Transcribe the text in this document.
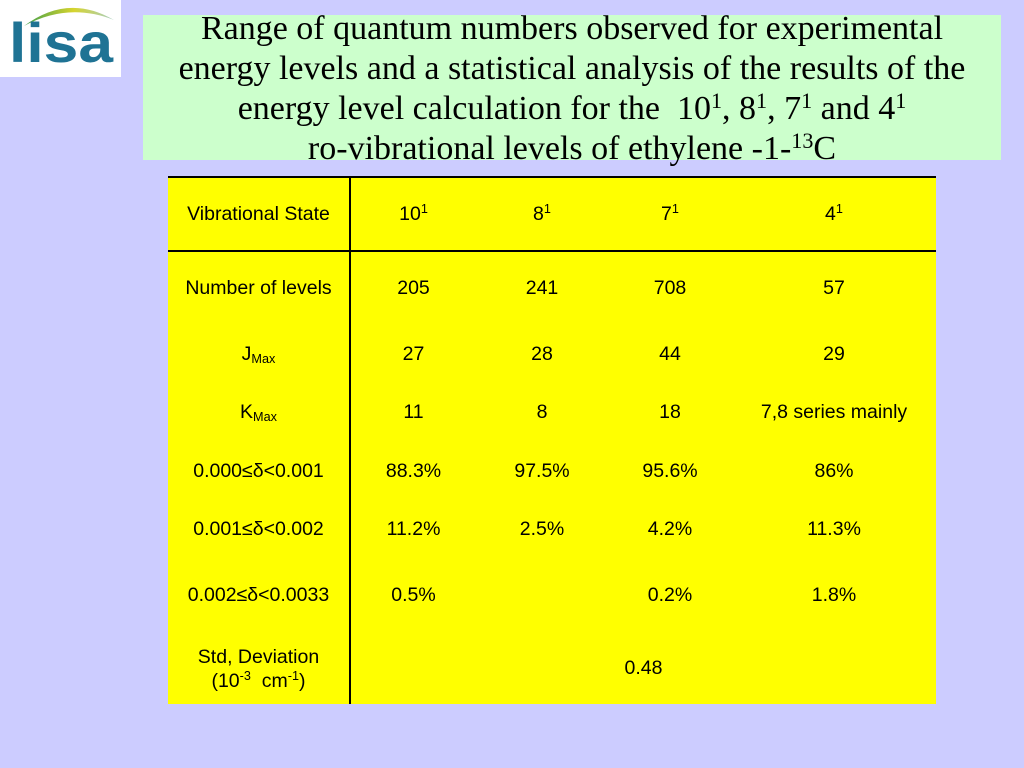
lisa	Range of quantum numbers observed for experimental
energy levels and a statistical analysis of the results of the
energy level calculation for the  $10^1$, $8^1$, $7^1$ and $4^1$
ro-vibrational levels of ethylene -1-$^{13}$C
Vibrational State	$10^1$	$8^1$	$7^1$	$4^1$
Number of levels	205	241	708	57
JMax	27	28	44	29
KMax	11	8	18	7,8 series mainly
0.000≤δ<0.001	88.3%	97.5%	95.6%	86%
0.001≤δ<0.002	11.2%	2.5%	4.2%	11.3%
0.002≤δ<0.0033	0.5%		0.2%	1.8%

Std, Deviation
($10^{-3}$  $cm^{-1}$)	0.48			
